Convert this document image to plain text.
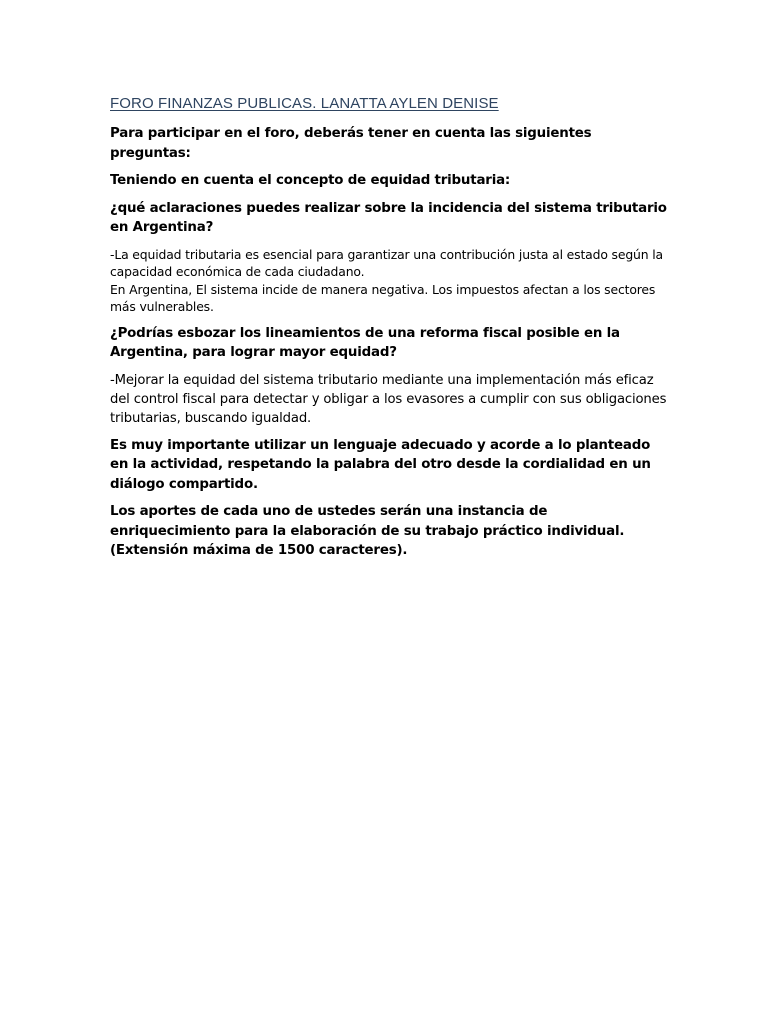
FORO FINANZAS PUBLICAS. LANATTA AYLEN DENISE

Para participar en el foro, deberás tener en cuenta las siguientes preguntas:

Teniendo en cuenta el concepto de equidad tributaria:

¿qué aclaraciones puedes realizar sobre la incidencia del sistema tributario en Argentina?

-La equidad tributaria es esencial para garantizar una contribución justa al estado según la capacidad económica de cada ciudadano.
En Argentina, El sistema incide de manera negativa. Los impuestos afectan a los sectores más vulnerables.

¿Podrías esbozar los lineamientos de una reforma fiscal posible en la Argentina, para lograr mayor equidad?

-Mejorar la equidad del sistema tributario mediante una implementación más eficaz del control fiscal para detectar y obligar a los evasores a cumplir con sus obligaciones tributarias, buscando igualdad.

Es muy importante utilizar un lenguaje adecuado y acorde a lo planteado en la actividad, respetando la palabra del otro desde la cordialidad en un diálogo compartido.

Los aportes de cada uno de ustedes serán una instancia de enriquecimiento para la elaboración de su trabajo práctico individual. (Extensión máxima de 1500 caracteres).
